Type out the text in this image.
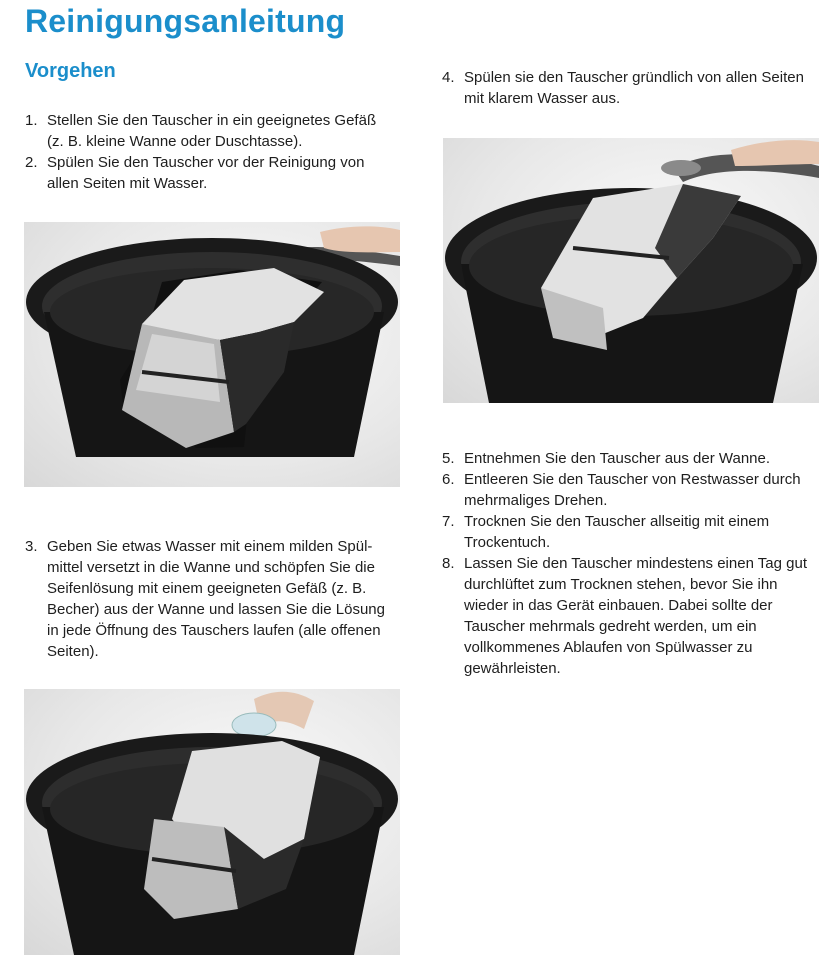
Reinigungsanleitung
Vorgehen
1. Stellen Sie den Tauscher in ein geeignetes Gefäß (z. B. kleine Wanne oder Duschtasse).
2. Spülen Sie den Tauscher vor der Reinigung von allen Seiten mit Wasser.
3. Geben Sie etwas Wasser mit einem milden Spül-mittel versetzt in die Wanne und schöpfen Sie die Seifenlösung mit einem geeigneten Gefäß (z. B. Becher) aus der Wanne und lassen Sie die Lösung in jede Öffnung des Tauschers laufen (alle offenen Seiten).
4. Spülen sie den Tauscher gründlich von allen Seiten mit klarem Wasser aus.
5. Entnehmen Sie den Tauscher aus der Wanne.
6. Entleeren Sie den Tauscher von Restwasser durch mehrmaliges Drehen.
7. Trocknen Sie den Tauscher allseitig mit einem Trockentuch.
8. Lassen Sie den Tauscher mindestens einen Tag gut durchlüftet zum Trocknen stehen, bevor Sie ihn wieder in das Gerät einbauen. Dabei sollte der Tauscher mehrmals gedreht werden, um ein vollkommenes Ablaufen von Spülwasser zu gewährleisten.
